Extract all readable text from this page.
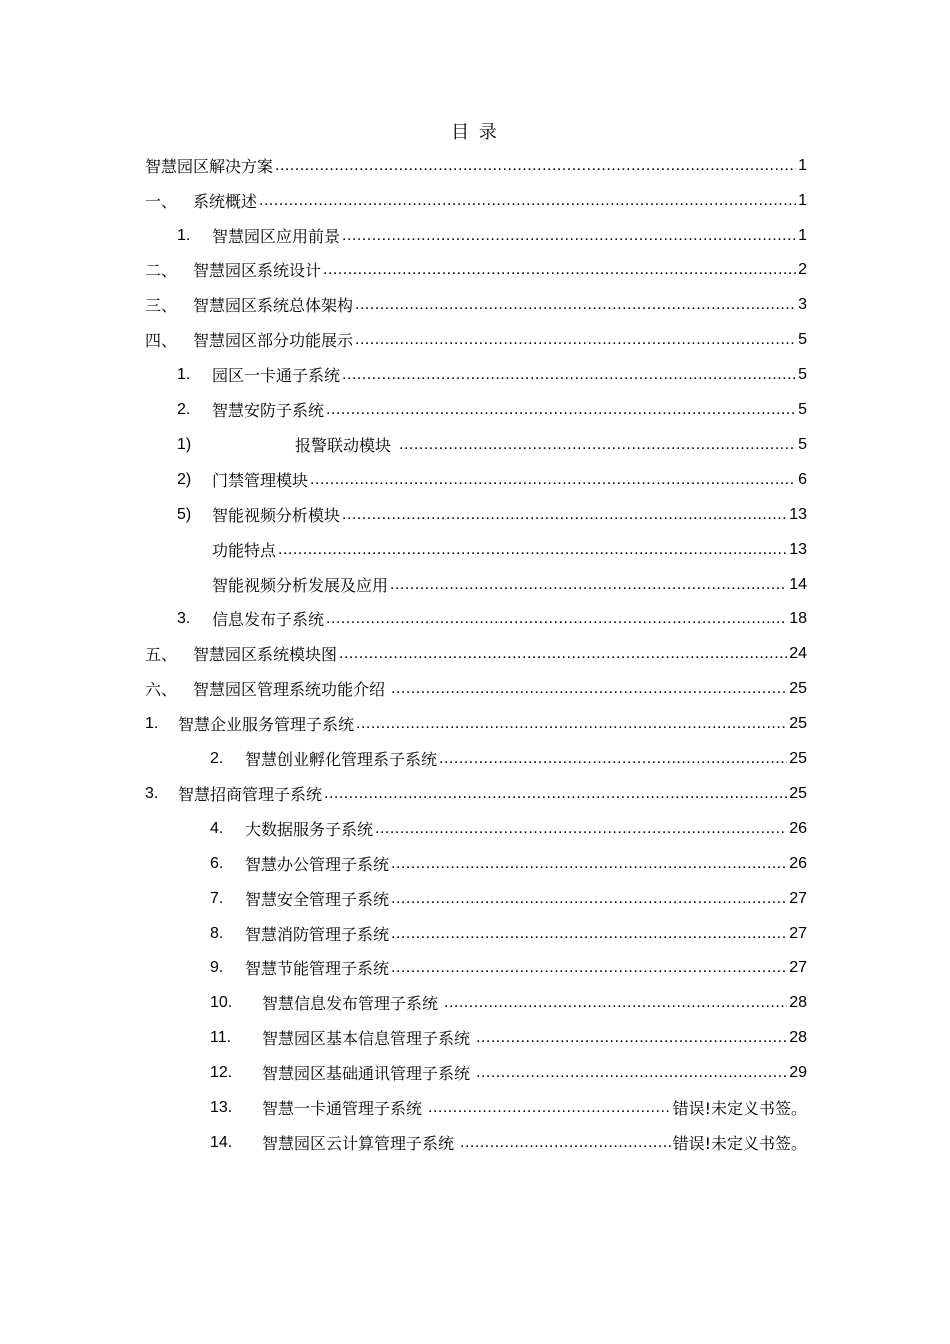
目 录
智慧园区解决方案 .....	1
一、 系统概述 .....	1
1.	智慧园区应用前景 .....	1
二、 智慧园区系统设计 .....	2
三、 智慧园区系统总体架构 .....	3
四、 智慧园区部分功能展示 .....	5
1.	园区一卡通子系统 .....	5
2.	智慧安防子系统 .....	5
1)	报警联动模块 .....	5
2)	门禁管理模块 .....	6
5)	智能视频分析模块 .....	13
功能特点 .....	13
智能视频分析发展及应用 .....	14
3.	信息发布子系统 .....	18
五、 智慧园区系统模块图 .....	24
六、 智慧园区管理系统功能介绍 .....	25
1.	智慧企业服务管理子系统 .....	25
2.	智慧创业孵化管理系子系统 .....	25
3.	智慧招商管理子系统 .....	25
4.	大数据服务子系统 .....	26
6.	智慧办公管理子系统 .....	26
7.	智慧安全管理子系统 .....	27
8.	智慧消防管理子系统 .....	27
9.	智慧节能管理子系统 .....	27
10.	智慧信息发布管理子系统 .....	28
11.	智慧园区基本信息管理子系统 .....	28
12.	智慧园区基础通讯管理子系统 .....	29
13.	智慧一卡通管理子系统 .....	错误!未定义书签。
14.	智慧园区云计算管理子系统 .....	错误!未定义书签。
